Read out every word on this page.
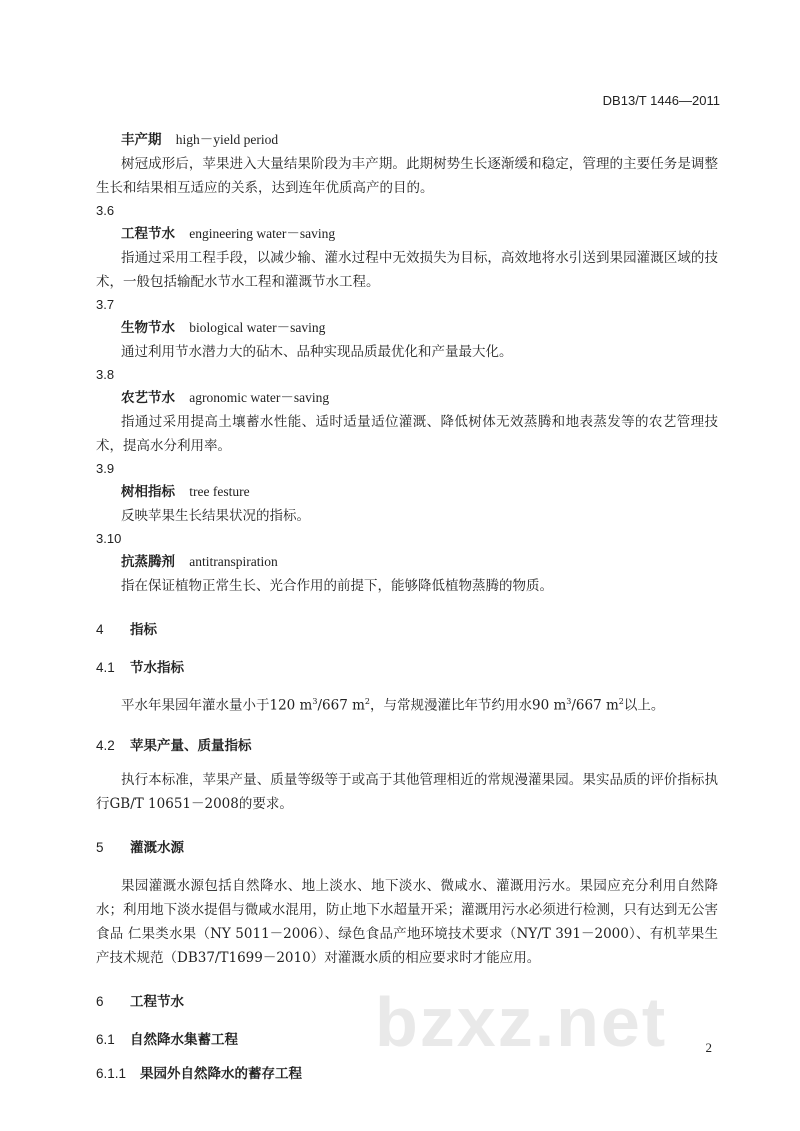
DB13/T 1446—2011
丰产期 high－yield period
树冠成形后，苹果进入大量结果阶段为丰产期。此期树势生长逐渐缓和稳定，管理的主要任务是调整生长和结果相互适应的关系，达到连年优质高产的目的。
3.6
工程节水 engineering water－saving
指通过采用工程手段，以减少输、灌水过程中无效损失为目标，高效地将水引送到果园灌溉区域的技术，一般包括输配水节水工程和灌溉节水工程。
3.7
生物节水 biological water－saving
通过利用节水潜力大的砧木、品种实现品质最优化和产量最大化。
3.8
农艺节水 agronomic water－saving
指通过采用提高土壤蓄水性能、适时适量适位灌溉、降低树体无效蒸腾和地表蒸发等的农艺管理技术，提高水分利用率。
3.9
树相指标 tree festure
反映苹果生长结果状况的指标。
3.10
抗蒸腾剂 antitranspiration
指在保证植物正常生长、光合作用的前提下，能够降低植物蒸腾的物质。
4 指标
4.1 节水指标
平水年果园年灌水量小于120 $m^3/667$ $m^2$，与常规漫灌比年节约用水90 $m^3/667$ $m^2$以上。
4.2 苹果产量、质量指标
执行本标准，苹果产量、质量等级等于或高于其他管理相近的常规漫灌果园。果实品质的评价指标执行GB/T 10651－2008的要求。
5 灌溉水源
果园灌溉水源包括自然降水、地上淡水、地下淡水、微咸水、灌溉用污水。果园应充分利用自然降水；利用地下淡水提倡与微咸水混用，防止地下水超量开采；灌溉用污水必须进行检测，只有达到无公害食品 仁果类水果（NY 5011－2006）、绿色食品产地环境技术要求（NY/T 391－2000）、有机苹果生产技术规范（DB37/T1699－2010）对灌溉水质的相应要求时才能应用。
6 工程节水
6.1 自然降水集蓄工程
6.1.1 果园外自然降水的蓄存工程
bzxz.net	2
